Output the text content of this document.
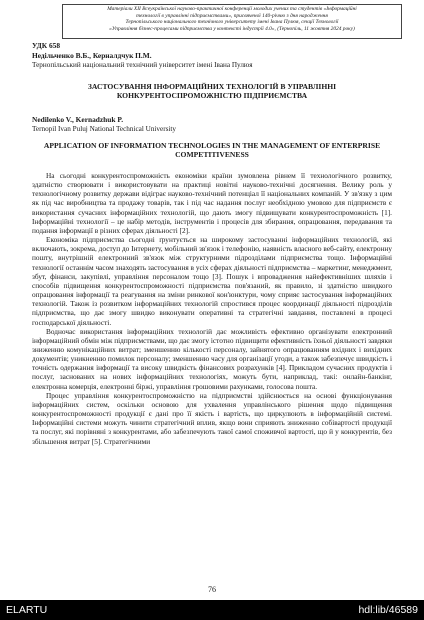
Матеріали XII Всеукраїнської науково-практичної конференції молодих учених та студентів «Інформаційні
технології в управлінні підприємствами», присвяченої 140-річчю з дня народження
Тернопільського національного технічного університету імені Івана Пулюя, секції Технології
«Управління бізнес-процесами підприємства у контексті індустрії 4.0», (Тернопіль, 11 жовтня 2024 року)
УДК 658
Недільченко В.Б., Керналдчук П.М.
Тернопільський національний технічний університет імені Івана Пулюя
ЗАСТОСУВАННЯ ІНФОРМАЦІЙНИХ ТЕХНОЛОГІЙ В УПРАВЛІННІ КОНКУРЕНТОСПРОМОЖНІСТЮ ПІДПРИЄМСТВА
Nedilenko V., Kernadzhuk P.
Ternopil Ivan Puluj National Technical University
APPLICATION OF INFORMATION TECHNOLOGIES IN THE MANAGEMENT OF ENTERPRISE COMPETITIVENESS

На сьогодні конкурентоспроможність економіки країни зумовлена рівнем її технологічного розвитку, здатністю створювати і використовувати на практиці новітні науково-технічні досягнення. Велику роль у технологічному розвитку держави відіграє науково-технічний потенціал її національних компаній. У зв'язку з цим як під час виробництва та продажу товарів, так і під час надання послуг необхідною умовою для підприємств є використання сучасних інформаційних технологій, що дають змогу підвищувати конкурентоспроможність [1]. Інформаційні технології – це набір методів, інструментів і процесів для збирання, опрацювання, передавання та подання інформації в різних сферах діяльності [2].

Економіка підприємства сьогодні ґрунтується на широкому застосуванні інформаційних технологій, які включають, зокрема, доступ до Інтернету, мобільний зв'язок і телефонію, наявність власного веб-сайту, електронну пошту, внутрішній електронний зв'язок між структурними підрозділами підприємства тощо. Інформаційні технології останнім часом знаходять застосування в усіх сферах діяльності підприємства – маркетинг, менеджмент, збут, фінанси, закупівлі, управління персоналом тощо [3]. Пошук і впровадження найефективніших шляхів і способів підвищення конкурентоспроможності підприємства пов'язаний, як правило, зі здатністю швидкого опрацювання інформації та реагування на зміни ринкової кон'юнктури, чому сприяє застосування інформаційних технологій. Також із розвитком інформаційних технологій спростився процес координації діяльності підрозділів підприємства, що дає змогу швидко виконувати оперативні та стратегічні завдання, поставлені в процесі господарської діяльності.

Водночас використання інформаційних технологій дає можливість ефективно організувати електронний інформаційний обмін між підприємствами, що дає змогу істотно підвищити ефективність їхньої діяльності завдяки зниженню комунікаційних витрат; зменшенню кількості персоналу, зайнятого опрацюванням вхідних і вихідних документів; уникненню помилок персоналу; зменшенню часу для організації угоди, а також забезпечує швидкість і точність одержання інформації та високу швидкість фінансових розрахунків [4]. Прикладом сучасних продуктів і послуг, заснованих на нових інформаційних технологіях, можуть бути, наприклад, такі: онлайн-банкінг, електронна комерція, електронні біржі, управління грошовими рахунками, голосова пошта.

Процес управління конкурентоспроможністю на підприємстві здійснюється на основі функціонування інформаційних систем, оскільки основою для ухвалення управлінського рішення щодо підвищення конкурентоспроможності продукції є дані про її якість і вартість, що циркулюють в інформаційній системі. Інформаційні системи можуть чинити стратегічний вплив, якщо вони сприяють зниженню собівартості продукції та послуг, які порівняні з конкурентами, або забезпечують такої самої споживчої вартості, що й у конкурентів, без збільшення витрат [5]. Стратегічними

76
ELARTU	hdl:lib/46589
